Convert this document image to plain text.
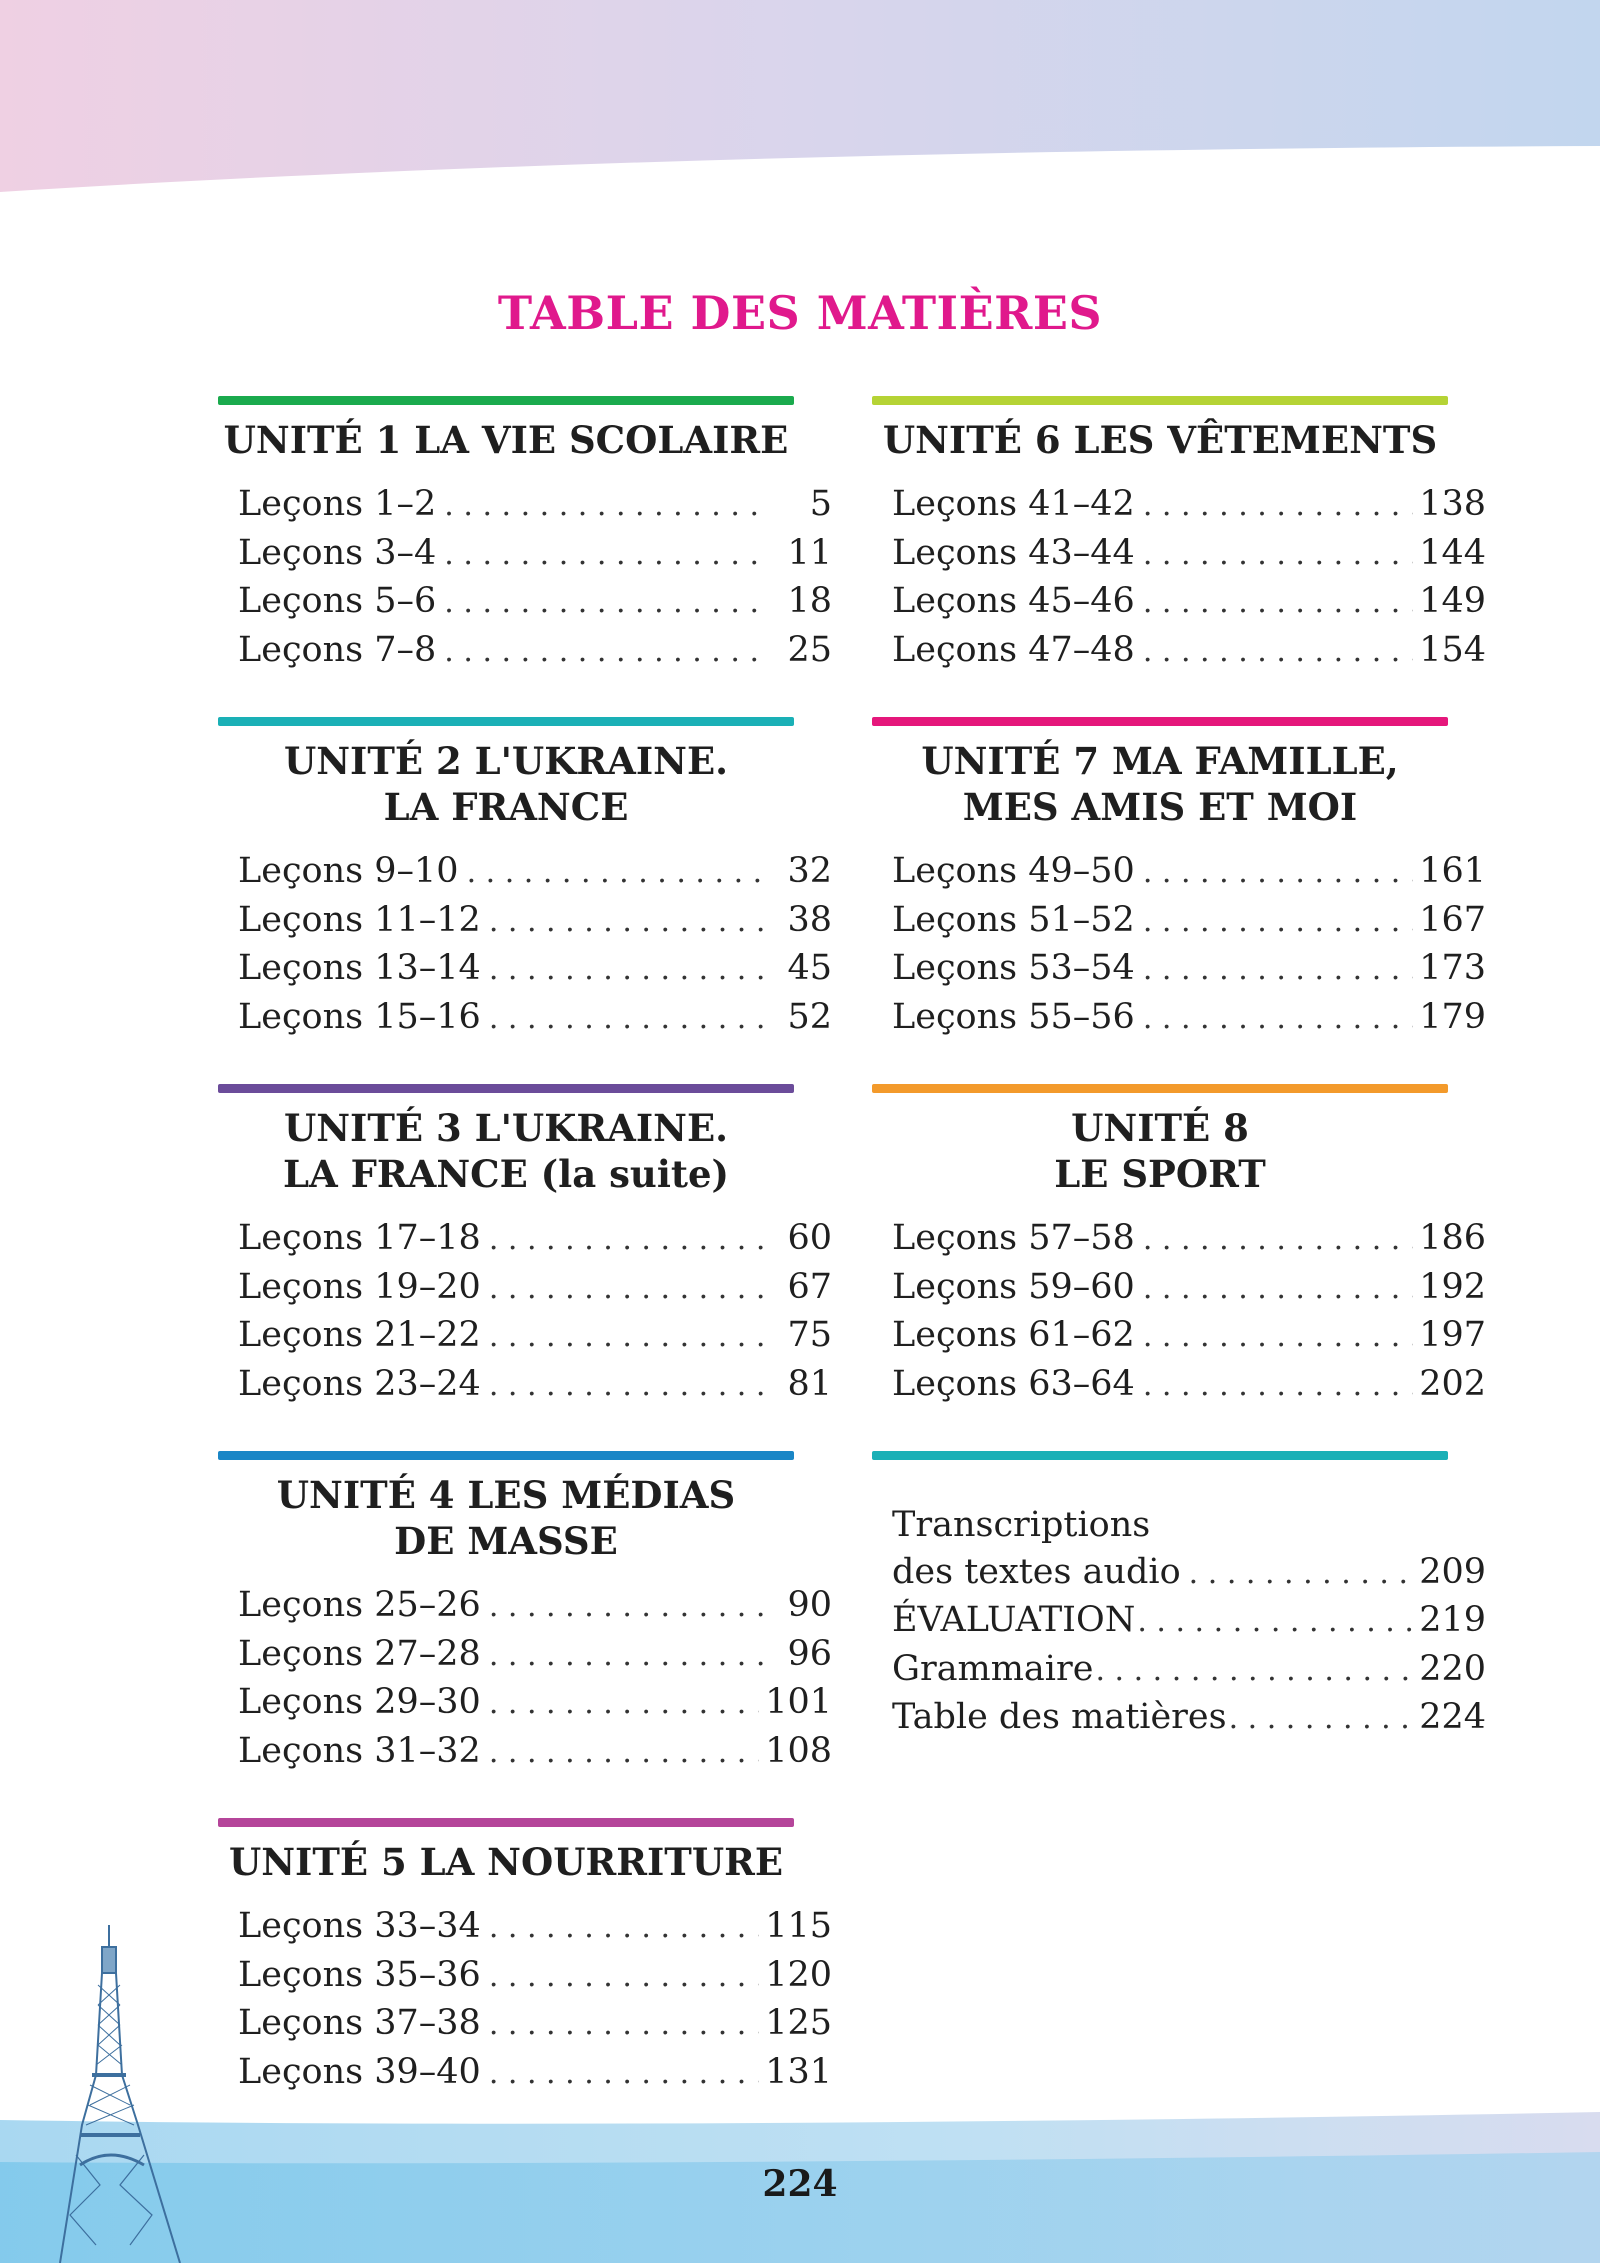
TABLE DES MATIÈRES
UNITÉ 1 LA VIE SCOLAIRE
Leçons 1–2 . . .	5
Leçons 3–4 . . .	11
Leçons 5–6 . . .	18
Leçons 7–8 . . .	25
UNITÉ 2 L'UKRAINE.
LA FRANCE
Leçons 9–10 . . .	32
Leçons 11–12 . . .	38
Leçons 13–14 . . .	45
Leçons 15–16 . . .	52
UNITÉ 3 L'UKRAINE.
LA FRANCE (la suite)
Leçons 17–18 . . .	60
Leçons 19–20 . . .	67
Leçons 21–22 . . .	75
Leçons 23–24 . . .	81
UNITÉ 4 LES MÉDIAS
DE MASSE
Leçons 25–26 . . .	90
Leçons 27–28 . . .	96
Leçons 29–30 . . .	101
Leçons 31–32 . . .	108
UNITÉ 5 LA NOURRITURE
Leçons 33–34 . . .	115
Leçons 35–36 . . .	120
Leçons 37–38 . . .	125
Leçons 39–40 . . .	131
UNITÉ 6 LES VÊTEMENTS
Leçons 41–42 . . .	138
Leçons 43–44 . . .	144
Leçons 45–46 . . .	149
Leçons 47–48 . . .	154
UNITÉ 7 MA FAMILLE,
MES AMIS ET MOI
Leçons 49–50 . . .	161
Leçons 51–52 . . .	167
Leçons 53–54 . . .	173
Leçons 55–56 . . .	179
UNITÉ 8
LE SPORT
Leçons 57–58 . . .	186
Leçons 59–60 . . .	192
Leçons 61–62 . . .	197
Leçons 63–64 . . .	202
Transcriptions
des textes audio . . .	209
ÉVALUATION . . .	219
Grammaire . . .	220
Table des matières . . .	224

224
